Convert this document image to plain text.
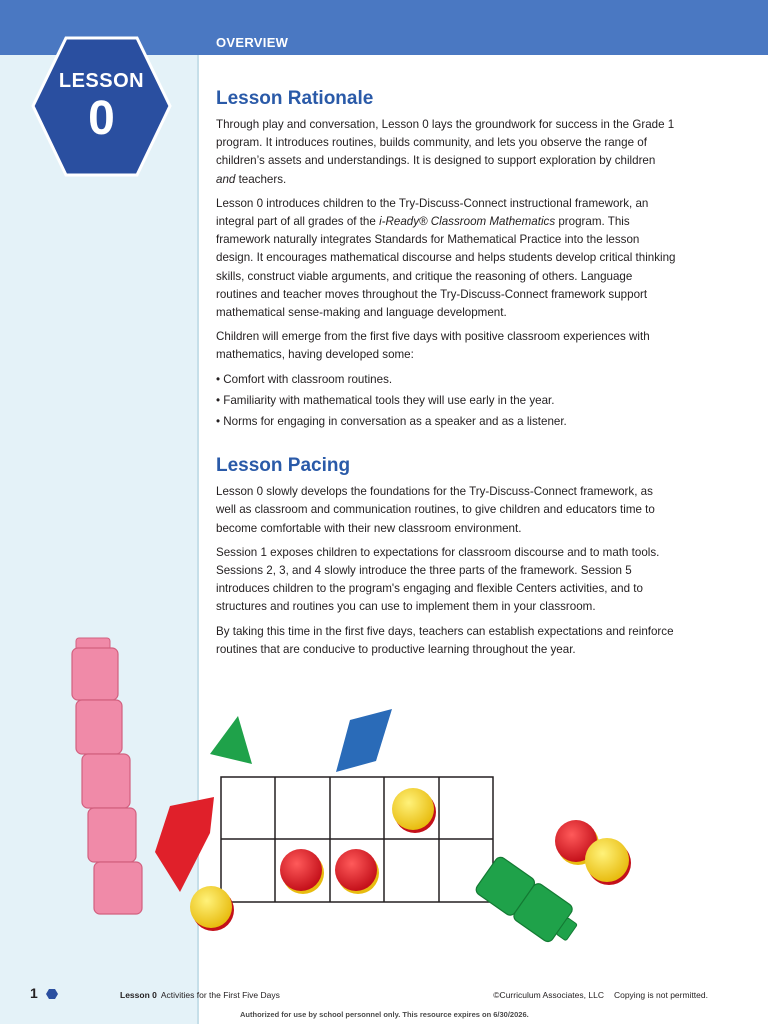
OVERVIEW
LESSON
0	Lesson Rationale

Through play and conversation, Lesson 0 lays the groundwork for success in the Grade 1 program. It introduces routines, builds community, and lets you observe the range of children’s assets and understandings. It is designed to support exploration by children and teachers.

Lesson 0 introduces children to the Try-Discuss-Connect instructional framework, an integral part of all grades of the i-Ready® Classroom Mathematics program. This framework naturally integrates Standards for Mathematical Practice into the lesson design. It encourages mathematical discourse and helps students develop critical thinking skills, construct viable arguments, and critique the reasoning of others. Language routines and teacher moves throughout the Try-Discuss-Connect framework support mathematical sense-making and language development.

Children will emerge from the first five days with positive classroom experiences with mathematics, having developed some:

• Comfort with classroom routines.
• Familiarity with mathematical tools they will use early in the year.
• Norms for engaging in conversation as a speaker and as a listener.
Lesson Pacing

Lesson 0 slowly develops the foundations for the Try-Discuss-Connect framework, as well as classroom and communication routines, to give children and educators time to become comfortable with their new classroom environment.

Session 1 exposes children to expectations for classroom discourse and to math tools. Sessions 2, 3, and 4 slowly introduce the three parts of the framework. Session 5 introduces children to the program's engaging and flexible Centers activities, and to structures and routines you can use to implement them in your classroom.

By taking this time in the first five days, teachers can establish expectations and reinforce routines that are conducive to productive learning throughout the year.

1	Lesson 0 Activities for the First Five Days	©Curriculum Associates, LLC Copying is not permitted.
Authorized for use by school personnel only. This resource expires on 6/30/2026.
